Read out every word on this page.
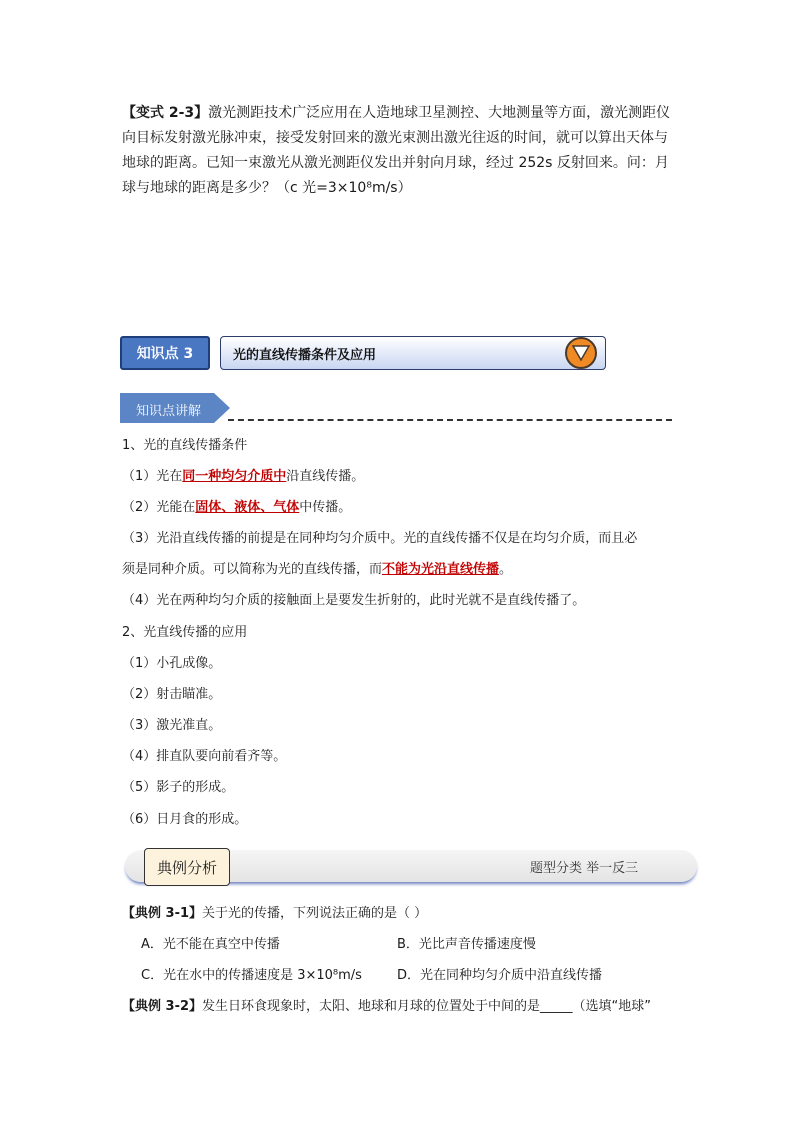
【变式 2-3】激光测距技术广泛应用在人造地球卫星测控、大地测量等方面，激光测距仪向目标发射激光脉冲束，接受发射回来的激光束测出激光往返的时间，就可以算出天体与地球的距离。已知一束激光从激光测距仪发出并射向月球，经过 252s 反射回来。问：月球与地球的距离是多少？（c 光=3×10⁸m/s）
知识点 3	光的直线传播条件及应用
知识点讲解
1、光的直线传播条件
（1）光在同一种均匀介质中沿直线传播。
（2）光能在固体、液体、气体中传播。
（3）光沿直线传播的前提是在同种均匀介质中。光的直线传播不仅是在均匀介质，而且必
须是同种介质。可以简称为光的直线传播，而不能为光沿直线传播。
（4）光在两种均匀介质的接触面上是要发生折射的，此时光就不是直线传播了。
2、光直线传播的应用
（1）小孔成像。
（2）射击瞄准。
（3）激光准直。
（4）排直队要向前看齐等。
（5）影子的形成。
（6）日月食的形成。
典例分析	题型分类 举一反三
【典例 3-1】关于光的传播，下列说法正确的是（ ）
A．光不能在真空中传播	B．光比声音传播速度慢
C．光在水中的传播速度是 3×10⁸m/s	D．光在同种均匀介质中沿直线传播
【典例 3-2】发生日环食现象时，太阳、地球和月球的位置处于中间的是_____（选填“地球”
